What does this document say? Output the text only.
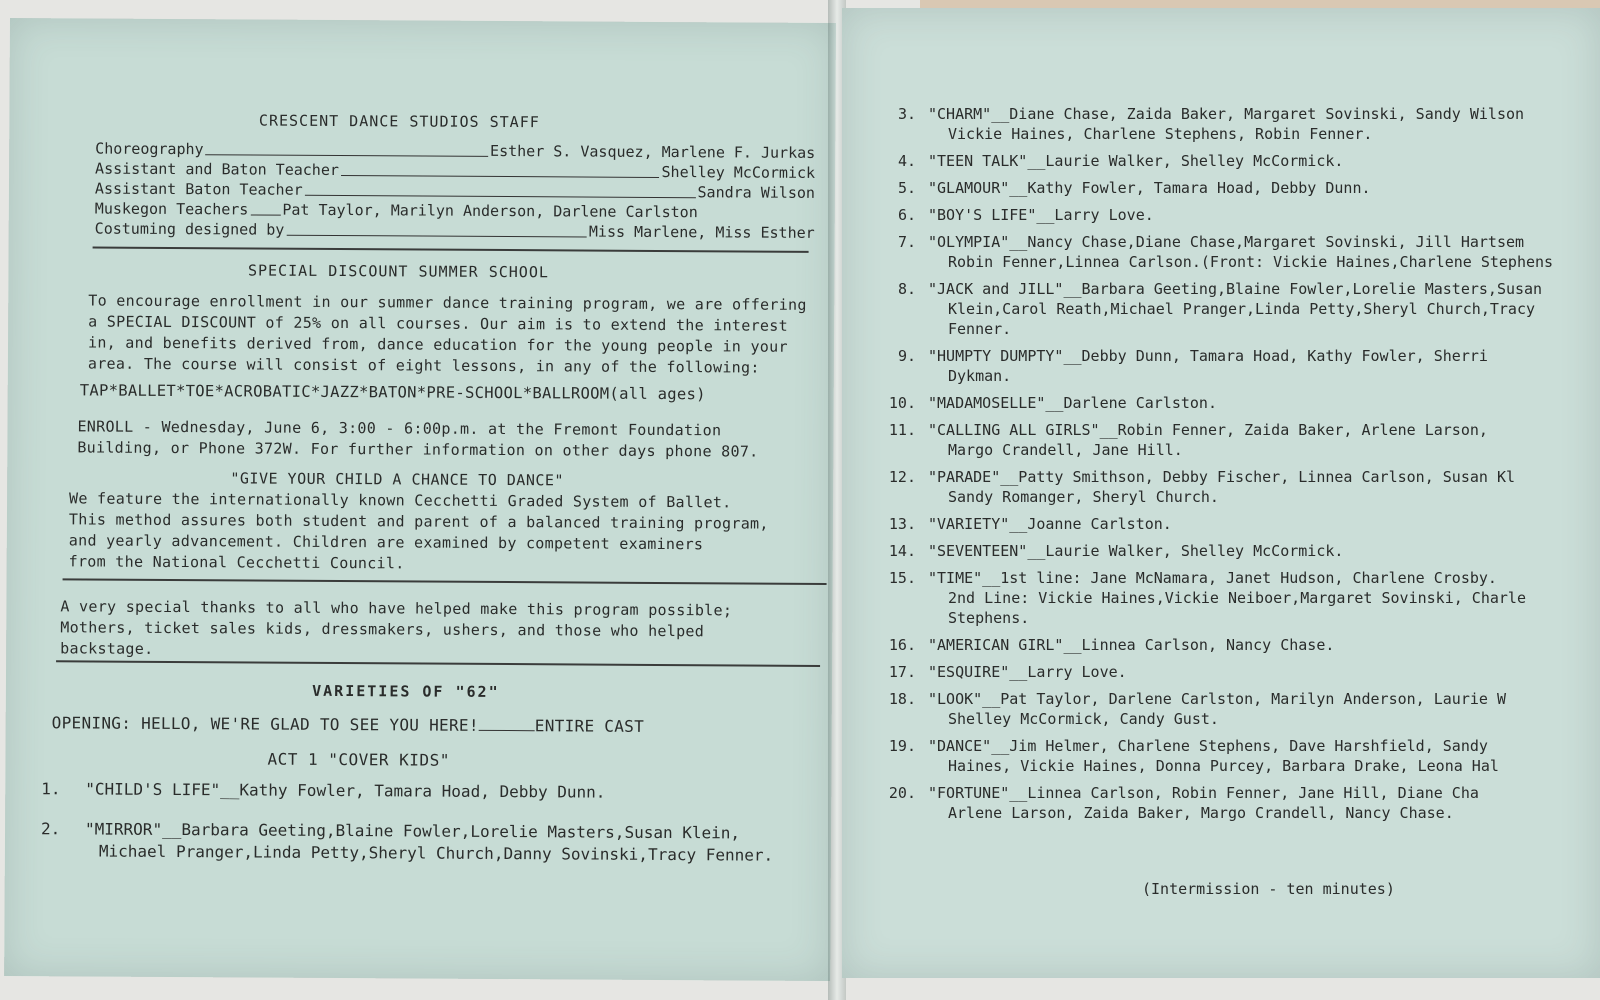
CRESCENT DANCE STUDIOS STAFF
Choreography	Esther S. Vasquez, Marlene F. Jurkas
Assistant and Baton Teacher	Shelley McCormick
Assistant Baton Teacher	Sandra Wilson
Muskegon Teachers Pat Taylor, Marilyn Anderson, Darlene Carlston
Costuming designed by	Miss Marlene, Miss Esther
SPECIAL DISCOUNT SUMMER SCHOOL
To encourage enrollment in our summer dance training program, we are offering
a SPECIAL DISCOUNT of 25% on all courses. Our aim is to extend the interest
in, and benefits derived from, dance education for the young people in your
area. The course will consist of eight lessons, in any of the following:
TAP*BALLET*TOE*ACROBATIC*JAZZ*BATON*PRE-SCHOOL*BALLROOM(all ages)
ENROLL - Wednesday, June 6, 3:00 - 6:00p.m. at the Fremont Foundation
Building, or Phone 372W. For further information on other days phone 807.
"GIVE YOUR CHILD A CHANCE TO DANCE"
We feature the internationally known Cecchetti Graded System of Ballet.
This method assures both student and parent of a balanced training program,
and yearly advancement. Children are examined by competent examiners
from the National Cecchetti Council.
A very special thanks to all who have helped make this program possible;
Mothers, ticket sales kids, dressmakers, ushers, and those who helped
backstage.
VARIETIES OF "62"
OPENING: HELLO, WE'RE GLAD TO SEE YOU HERE!	ENTIRE CAST
ACT 1 "COVER KIDS"
1.	"CHILD'S LIFE"__Kathy Fowler, Tamara Hoad, Debby Dunn.
2.	"MIRROR"__Barbara Geeting,Blaine Fowler,Lorelie Masters,Susan Klein,
Michael Pranger,Linda Petty,Sheryl Church,Danny Sovinski,Tracy Fenner.
3. "CHARM"__Diane Chase, Zaida Baker, Margaret Sovinski, Sandy Wilson
Vickie Haines, Charlene Stephens, Robin Fenner.
4. "TEEN TALK"__Laurie Walker, Shelley McCormick.
5. "GLAMOUR"__Kathy Fowler, Tamara Hoad, Debby Dunn.
6. "BOY'S LIFE"__Larry Love.
7. "OLYMPIA"__Nancy Chase,Diane Chase,Margaret Sovinski, Jill Hartsem
Robin Fenner,Linnea Carlson.(Front: Vickie Haines,Charlene Stephens
8. "JACK and JILL"__Barbara Geeting,Blaine Fowler,Lorelie Masters,Susan
Klein,Carol Reath,Michael Pranger,Linda Petty,Sheryl Church,Tracy
Fenner.
9. "HUMPTY DUMPTY"__Debby Dunn, Tamara Hoad, Kathy Fowler, Sherri
Dykman.
10. "MADAMOSELLE"__Darlene Carlston.
11. "CALLING ALL GIRLS"__Robin Fenner, Zaida Baker, Arlene Larson,
Margo Crandell, Jane Hill.
12. "PARADE"__Patty Smithson, Debby Fischer, Linnea Carlson, Susan Kl
Sandy Romanger, Sheryl Church.
13. "VARIETY"__Joanne Carlston.
14. "SEVENTEEN"__Laurie Walker, Shelley McCormick.
15. "TIME"__1st line: Jane McNamara, Janet Hudson, Charlene Crosby.
2nd Line: Vickie Haines,Vickie Neiboer,Margaret Sovinski, Charle
Stephens.
16. "AMERICAN GIRL"__Linnea Carlson, Nancy Chase.
17. "ESQUIRE"__Larry Love.
18. "LOOK"__Pat Taylor, Darlene Carlston, Marilyn Anderson, Laurie W
Shelley McCormick, Candy Gust.
19. "DANCE"__Jim Helmer, Charlene Stephens, Dave Harshfield, Sandy
Haines, Vickie Haines, Donna Purcey, Barbara Drake, Leona Hal
20. "FORTUNE"__Linnea Carlson, Robin Fenner, Jane Hill, Diane Cha
Arlene Larson, Zaida Baker, Margo Crandell, Nancy Chase.
(Intermission - ten minutes)
